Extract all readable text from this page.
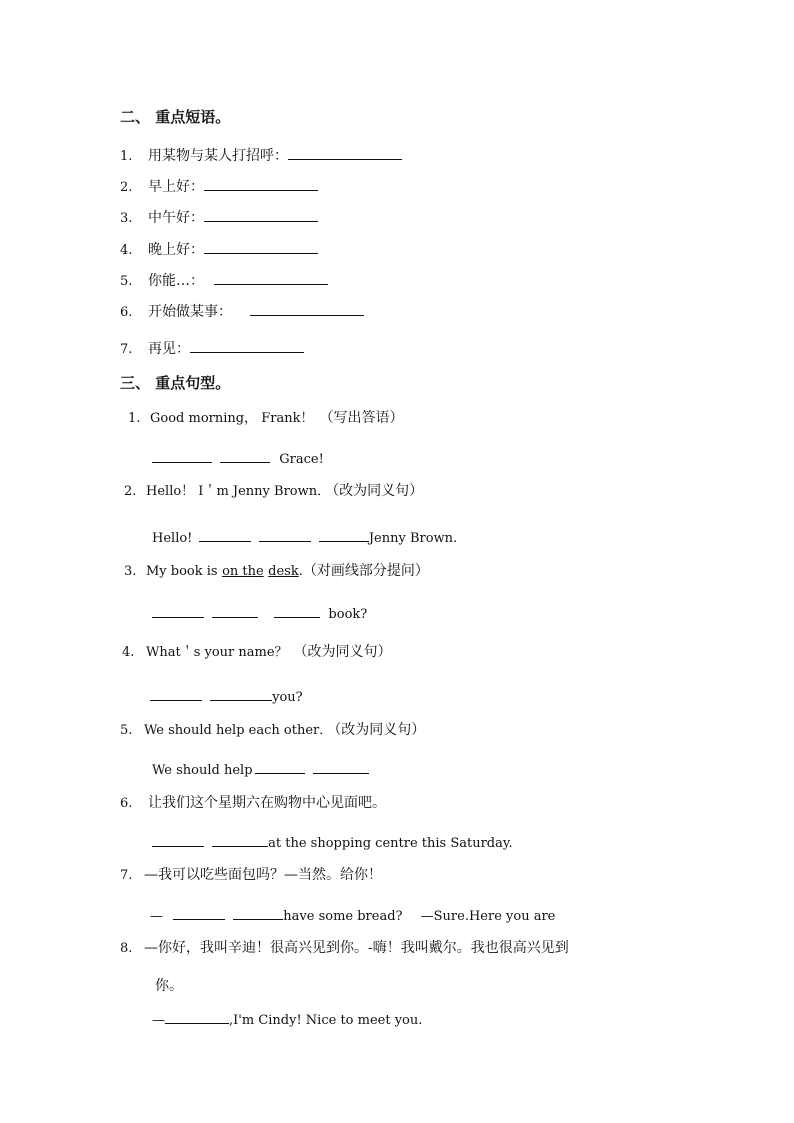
二、 重点短语。
1. 用某物与某人打招呼：
2. 早上好：
3. 中午好：
4. 晚上好：
5. 你能…：
6. 开始做某事：
7. 再见：
三、 重点句型。
1. Good morning， Frank！ （写出答语）
Grace!
2. Hello！ I＇m Jenny Brown． （改为同义句）
Hello!	Jenny Brown.
3. My book is on the desk.（对画线部分提问）
book?
4. What＇s your name？ （改为同义句）
you?
5. We should help each other． （改为同义句）
We should help
6. 让我们这个星期六在购物中心见面吧。
at the shopping centre this Saturday.
7. —我可以吃些面包吗？—当然。给你！
—	have some bread? —Sure.Here you are
8. —你好，我叫辛迪！很高兴见到你。-嗨！我叫戴尔。我也很高兴见到
你。
—	,I'm Cindy! Nice to meet you.
